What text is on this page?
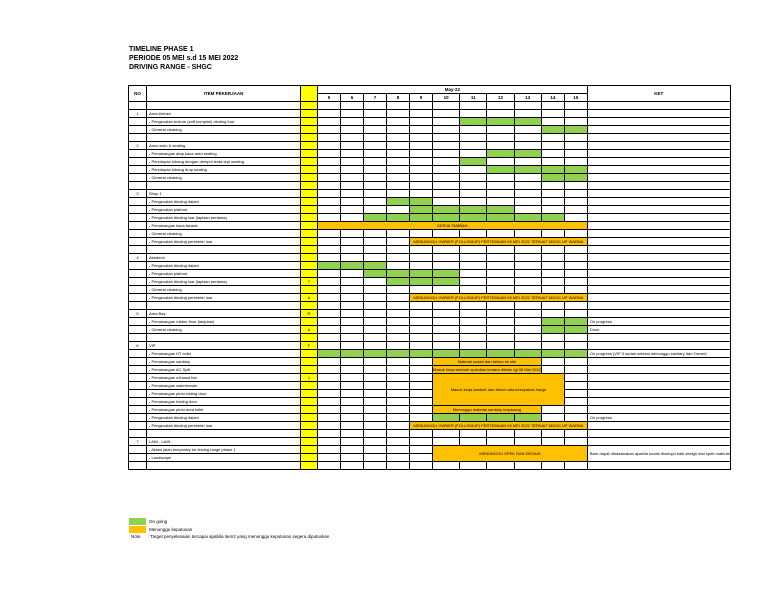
TIMELINE PHASE 1
PERIODE 05 MEI s.d 15 MEI 2022
DRIVING RANGE - SHGC
NO	ITEM PEKERJAAN		May-22											KET
			5	6	7	8	9	10	11	12	13	14	15	

1	Area kitchen													
	- Pengecatan texture (soft kompimi) dinding luar													
	- General cleaning													

2	Area resto & seating													
	- Pemasangan atap kaca area seating													
	- Penutupan lubang dengan dempul lenta tepi seating													
	- Penutupan lubang drop sealing													
	- General cleaning													

3	Shop 1													
	- Pengecatan dinding dalam													
	- Pengecatan plafond													
	- Pengecatan dinding luar (lapisan pertama)													
	- Pemasangan kaca facade		KERJA TAMBAH											
	- General cleaning													
	- Pengecatan dinding perimeter luar						MENUNGGU OWNER (FOLLOWUP) PERTEMUAN 09 MEI 2022 TERKAIT MOCK UP WARNA							

4	Akademi													
	- Pengecatan dinding dalam													
	- Pengecatan plafond													
	- Pengecatan dinding luar (lapisan pertama)	T												
	- General cleaning													
	- Pengecatan dinding perimeter luar	A					MENUNGGU OWNER (FOLLOWUP) PERTEMUAN 09 MEI 2022 TERKAIT MOCK UP WARNA							

5	Area Bay	R												
	- Pemasangan rubber floor (lanjutan)													On progress
	- General cleaning	A												Done

6	VIP	F												
	- Pemasangan HT toilet													On progress (VIP 3 sudah selesai menunggu sanitary dari Owner)
	- Pemasangan sanitary							Material sudah dan belum ke site						
	- Pemasangan AC Split							Masuk kerja tambah opsiultan tentara dikirim tgl 08 Mei 2022						
	- Pemasangan exhaust fan	1						Masuk kerja tambah dan belum ada kesepakan harga						
	- Pemasangan waterheater													
	- Pemasangan pintu sliding door													
	- Pemasangan folding door													
	- Pemasangan pintu area toilet							Menunggu material sanitary terpasang						
	- Pengecatan dinding dalam													On progress
	- Pengecatan dinding perimeter luar						MENUNGGU OWNER (FOLLOWUP) PERTEMUAN 09 MEI 2022 TERKAIT MOCK UP WARNA							

7	LAIN - LAIN													
	- Akses jalan temporary ke driving range phase 1							MENUNGGU SPEK DAN DESAIN						Baru dapat dilaksanakan apabila sudah disetujui baik design dan spek material
	- Landscape													

On going
Menunggu keputusan
Note : Target penyelesaian tercapai apabila item2 yang menunggu keputusan segera diputuskan
